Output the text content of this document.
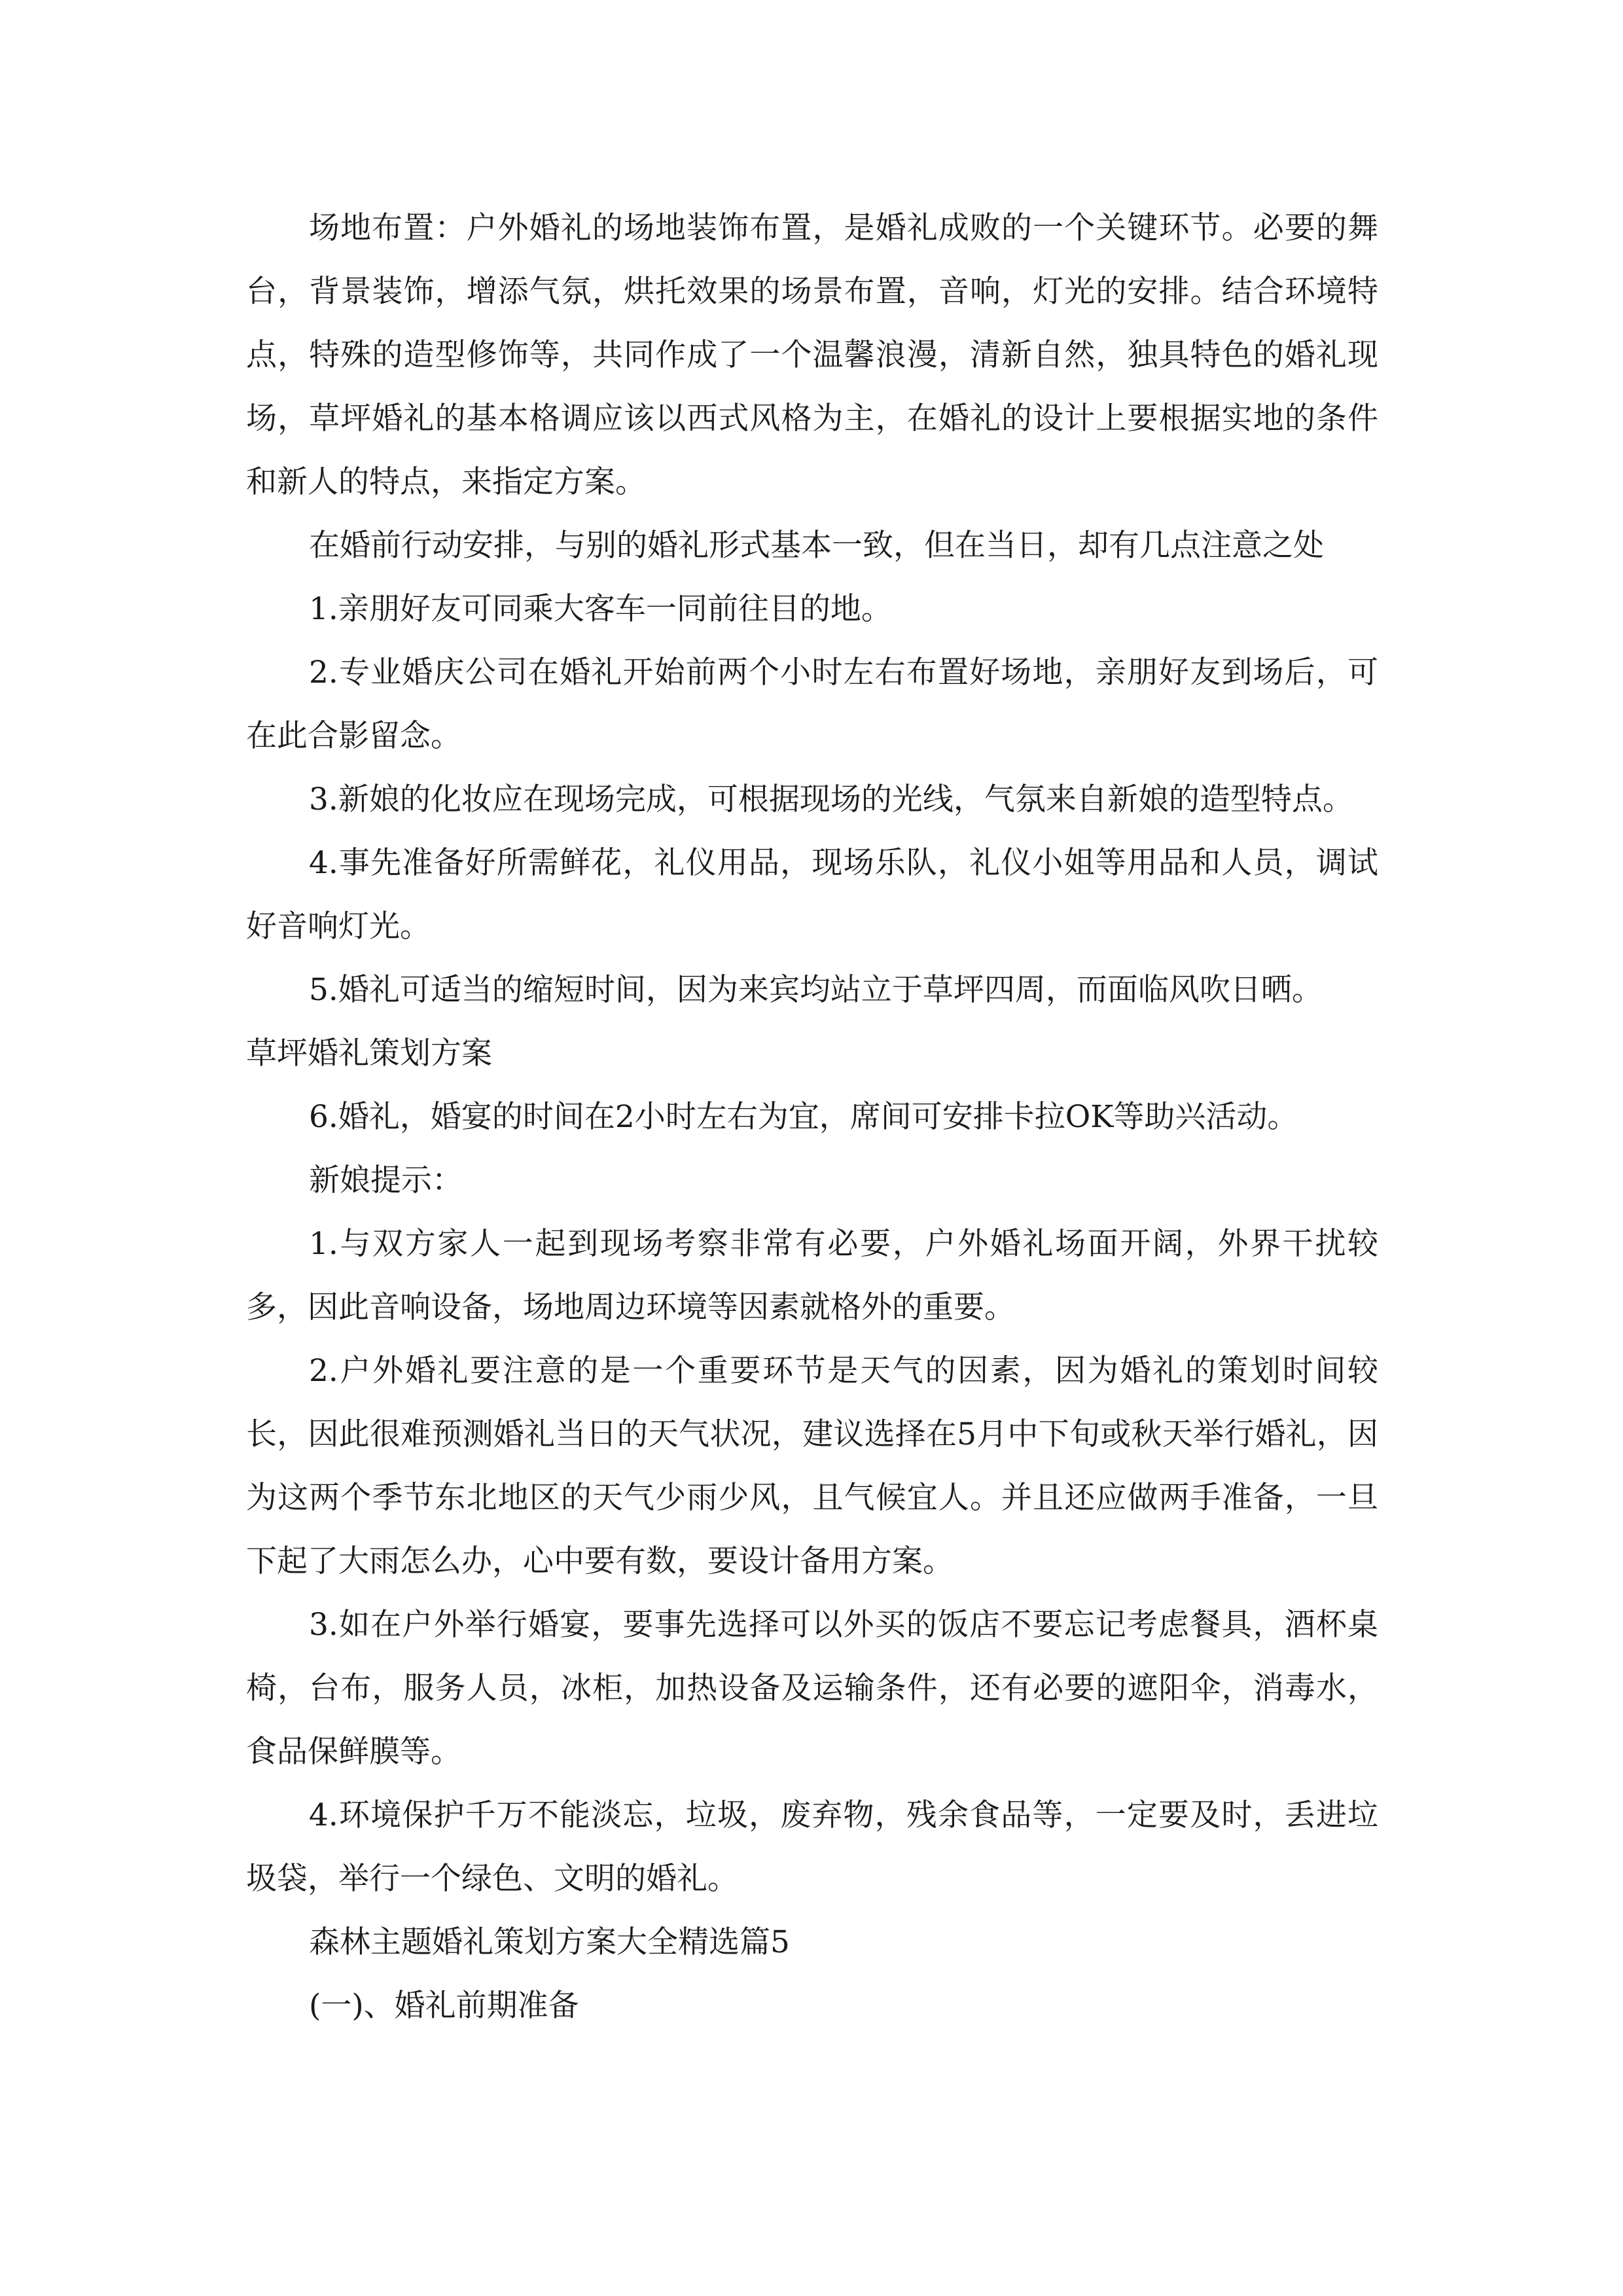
场地布置：户外婚礼的场地装饰布置，是婚礼成败的一个关键环节。必要的舞台，背景装饰，增添气氛，烘托效果的场景布置，音响，灯光的安排。结合环境特点，特殊的造型修饰等，共同作成了一个温馨浪漫，清新自然，独具特色的婚礼现场，草坪婚礼的基本格调应该以西式风格为主，在婚礼的设计上要根据实地的条件和新人的特点，来指定方案。

在婚前行动安排，与别的婚礼形式基本一致，但在当日，却有几点注意之处

1.亲朋好友可同乘大客车一同前往目的地。

2.专业婚庆公司在婚礼开始前两个小时左右布置好场地，亲朋好友到场后，可在此合影留念。

3.新娘的化妆应在现场完成，可根据现场的光线，气氛来自新娘的造型特点。

4.事先准备好所需鲜花，礼仪用品，现场乐队，礼仪小姐等用品和人员，调试好音响灯光。

5.婚礼可适当的缩短时间，因为来宾均站立于草坪四周，而面临风吹日晒。

草坪婚礼策划方案

6.婚礼，婚宴的时间在2小时左右为宜，席间可安排卡拉OK等助兴活动。

新娘提示：

1.与双方家人一起到现场考察非常有必要，户外婚礼场面开阔，外界干扰较多，因此音响设备，场地周边环境等因素就格外的重要。

2.户外婚礼要注意的是一个重要环节是天气的因素，因为婚礼的策划时间较长，因此很难预测婚礼当日的天气状况，建议选择在5月中下旬或秋天举行婚礼，因为这两个季节东北地区的天气少雨少风，且气候宜人。并且还应做两手准备，一旦下起了大雨怎么办，心中要有数，要设计备用方案。

3.如在户外举行婚宴，要事先选择可以外买的饭店不要忘记考虑餐具，酒杯桌椅，台布，服务人员，冰柜，加热设备及运输条件，还有必要的遮阳伞，消毒水，食品保鲜膜等。

4.环境保护千万不能淡忘，垃圾，废弃物，残余食品等，一定要及时，丢进垃圾袋，举行一个绿色、文明的婚礼。

森林主题婚礼策划方案大全精选篇5

(一)、婚礼前期准备
